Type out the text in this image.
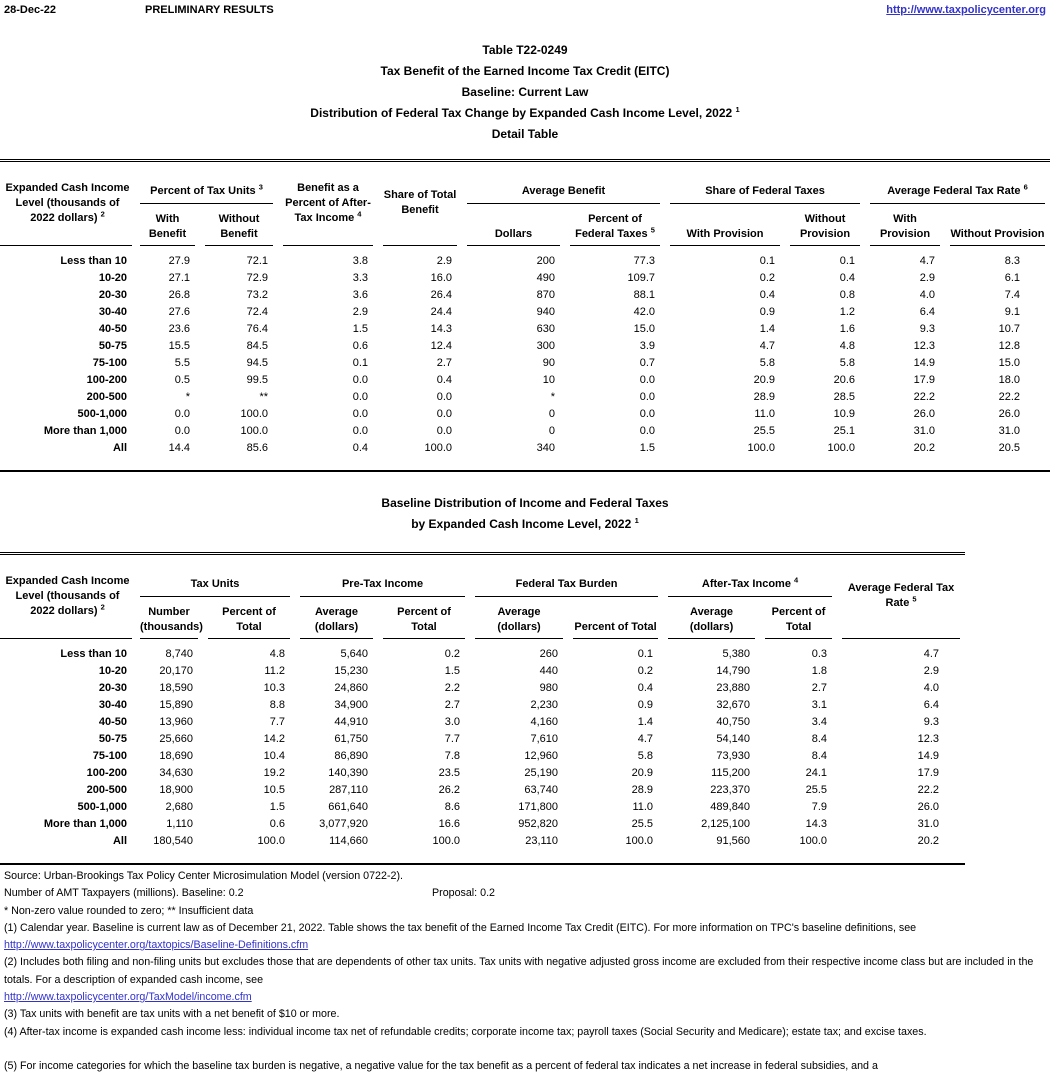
28-Dec-22	PRELIMINARY RESULTS	http://www.taxpolicycenter.org
Table T22-0249
Tax Benefit of the Earned Income Tax Credit (EITC)
Baseline: Current Law
Distribution of Federal Tax Change by Expanded Cash Income Level, 2022 $^1$
Detail Table
Expanded Cash Income Level (thousands of 2022 dollars) $^2$	Percent of Tax Units $^3$		Benefit as a Percent of After-Tax Income $^4$	Share of Total Benefit	Average Benefit		Share of Federal Taxes		Average Federal Tax Rate $^6$
	With Benefit	Without Benefit			Dollars	Percent of Federal Taxes $^5$	With Provision	Without Provision	With Provision	Without Provision
Less than 10	27.9	72.1	3.8	2.9	200	77.3	0.1	0.1	4.7	8.3
10-20	27.1	72.9	3.3	16.0	490	109.7	0.2	0.4	2.9	6.1
20-30	26.8	73.2	3.6	26.4	870	88.1	0.4	0.8	4.0	7.4
30-40	27.6	72.4	2.9	24.4	940	42.0	0.9	1.2	6.4	9.1
40-50	23.6	76.4	1.5	14.3	630	15.0	1.4	1.6	9.3	10.7
50-75	15.5	84.5	0.6	12.4	300	3.9	4.7	4.8	12.3	12.8
75-100	5.5	94.5	0.1	2.7	90	0.7	5.8	5.8	14.9	15.0
100-200	0.5	99.5	0.0	0.4	10	0.0	20.9	20.6	17.9	18.0
200-500	*	**	0.0	0.0	*	0.0	28.9	28.5	22.2	22.2
500-1,000	0.0	100.0	0.0	0.0	0	0.0	11.0	10.9	26.0	26.0
More than 1,000	0.0	100.0	0.0	0.0	0	0.0	25.5	25.1	31.0	31.0
All	14.4	85.6	0.4	100.0	340	1.5	100.0	100.0	20.2	20.5
Baseline Distribution of Income and Federal Taxes
by Expanded Cash Income Level, 2022 $^1$
Expanded Cash Income Level (thousands of 2022 dollars) $^2$	Tax Units		Pre-Tax Income		Federal Tax Burden		After-Tax Income $^4$		Average Federal Tax Rate $^5$
	Number (thousands)	Percent of Total	Average (dollars)	Percent of Total	Average (dollars)	Percent of Total	Average (dollars)	Percent of Total	
Less than 10	8,740	4.8	5,640	0.2	260	0.1	5,380	0.3	4.7
10-20	20,170	11.2	15,230	1.5	440	0.2	14,790	1.8	2.9
20-30	18,590	10.3	24,860	2.2	980	0.4	23,880	2.7	4.0
30-40	15,890	8.8	34,900	2.7	2,230	0.9	32,670	3.1	6.4
40-50	13,960	7.7	44,910	3.0	4,160	1.4	40,750	3.4	9.3
50-75	25,660	14.2	61,750	7.7	7,610	4.7	54,140	8.4	12.3
75-100	18,690	10.4	86,890	7.8	12,960	5.8	73,930	8.4	14.9
100-200	34,630	19.2	140,390	23.5	25,190	20.9	115,200	24.1	17.9
200-500	18,900	10.5	287,110	26.2	63,740	28.9	223,370	25.5	22.2
500-1,000	2,680	1.5	661,640	8.6	171,800	11.0	489,840	7.9	26.0
More than 1,000	1,110	0.6	3,077,920	16.6	952,820	25.5	2,125,100	14.3	31.0
All	180,540	100.0	114,660	100.0	23,110	100.0	91,560	100.0	20.2

Source: Urban-Brookings Tax Policy Center Microsimulation Model (version 0722-2).

Number of AMT Taxpayers (millions). Baseline: 0.2	Proposal: 0.2

* Non-zero value rounded to zero; ** Insufficient data

(1) Calendar year. Baseline is current law as of December 21, 2022. Table shows the tax benefit of the Earned Income Tax Credit (EITC). For more information on TPC's baseline definitions, see

http://www.taxpolicycenter.org/taxtopics/Baseline-Definitions.cfm

(2) Includes both filing and non-filing units but excludes those that are dependents of other tax units. Tax units with negative adjusted gross income are excluded from their respective income class but are included in the totals. For a description of expanded cash income, see

http://www.taxpolicycenter.org/TaxModel/income.cfm

(3) Tax units with benefit are tax units with a net benefit of $10 or more.

(4) After-tax income is expanded cash income less: individual income tax net of refundable credits; corporate income tax; payroll taxes (Social Security and Medicare); estate tax; and excise taxes.

(5) For income categories for which the baseline tax burden is negative, a negative value for the tax benefit as a percent of federal tax indicates a net increase in federal subsidies, and a
